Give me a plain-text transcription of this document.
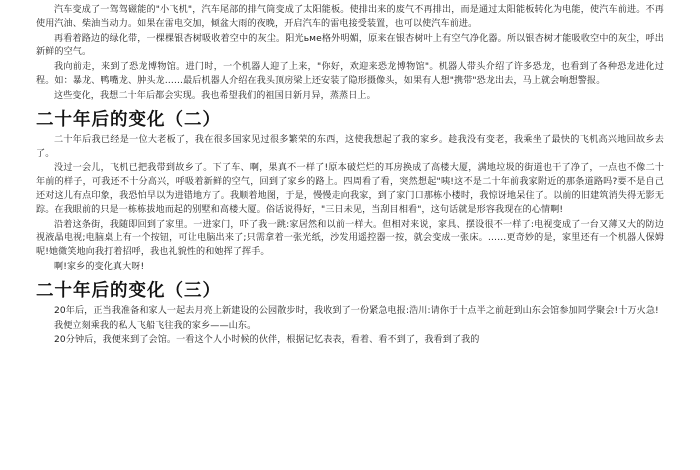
汽车变成了一驾驾磁能的"小飞机"，汽车尾部的排气筒变成了太阳能板。使排出来的废气不再排出，而是通过太阳能板转化为电能，使汽车前进。不再使用汽油、柴油当动力。如果在雷电交加，倾盆大雨的夜晚，开启汽车的雷电接受装置，也可以使汽车前进。

再看着路边的绿化带，一棵棵银杏树吸收着空中的灰尘。阳光ьме格外明媚，原来在银杏树叶上有空气净化器。所以银杏树才能吸收空中的灰尘，呼出新鲜的空气。

我向前走，来到了恐龙博物馆。进门时，一个机器人迎了上来，"你好，欢迎来恐龙博物馆"。机器人带头介绍了许多恐龙，也看到了各种恐龙进化过程。如：暴龙、鸭嘴龙、肿头龙……最后机器人介绍在我头顶房梁上还安装了隐形摄像头，如果有人想"携带"恐龙出去，马上就会响想警报。

这些变化，我想二十年后都会实现。我也希望我们的祖国日新月异，蒸蒸日上。

二十年后的变化（二）

二十年后我已经是一位大老板了，我在很多国家见过很多繁荣的东西，这使我想起了我的家乡。趁我没有变老，我乘坐了最快的飞机高兴地回故乡去了。

没过一会儿，飞机已把我带到故乡了。下了车、啊，果真不一样了!原本破烂烂的耳房换成了高楼大厦，满地垃圾的街道也干了净了，一点也不像二十年前的样子，可我还不十分高兴，呼吸着新鲜的空气，回到了家乡的路上。四周看了看，突然想起"咦!这不是二十年前我家附近的那条道路吗?要不是自己还对这儿有点印象，我恐怕早以为进错地方了。我顺着地图，于是，慢慢走向我家，到了家门口那栋小楼时，我惊讶地呆住了。以前的旧建筑消失得无影无踪。在我眼前的只是一栋栋拔地而起的别墅和高楼大厦。俗话说得好，"三日未见，当刮目相看"，这句话就是形容我现在的心情啊!

沿着这条街，我随即回到了家里。一进家门，吓了我一跳:家居然和以前一样大。但相对来说，家具、摆设很不一样了:电视变成了一台又薄又大的防边视液晶电视;电脑桌上有一个按钮，可让电脑出来了;只需拿着一张光纸，沙发用遥控器一按，就会变成一张床。……更奇妙的是，家里还有一个机器人保姆呢!她微笑地向我打着招呼，我也礼貌性的和她挥了挥手。

啊!家乡的变化真大呀!

二十年后的变化（三）

20年后，正当我准备和家人一起去月亮上新建设的公园散步时，我收到了一份紧急电报:浩川:请你于十点半之前赶到山东会馆参加同学聚会!十万火急!

我便立刻乘我的私人飞船飞往我的家乡——山东。

20分钟后，我便来到了会馆。一看这个人小时候的伙伴，根据记忆表表，看着、看不到了，我看到了我的
